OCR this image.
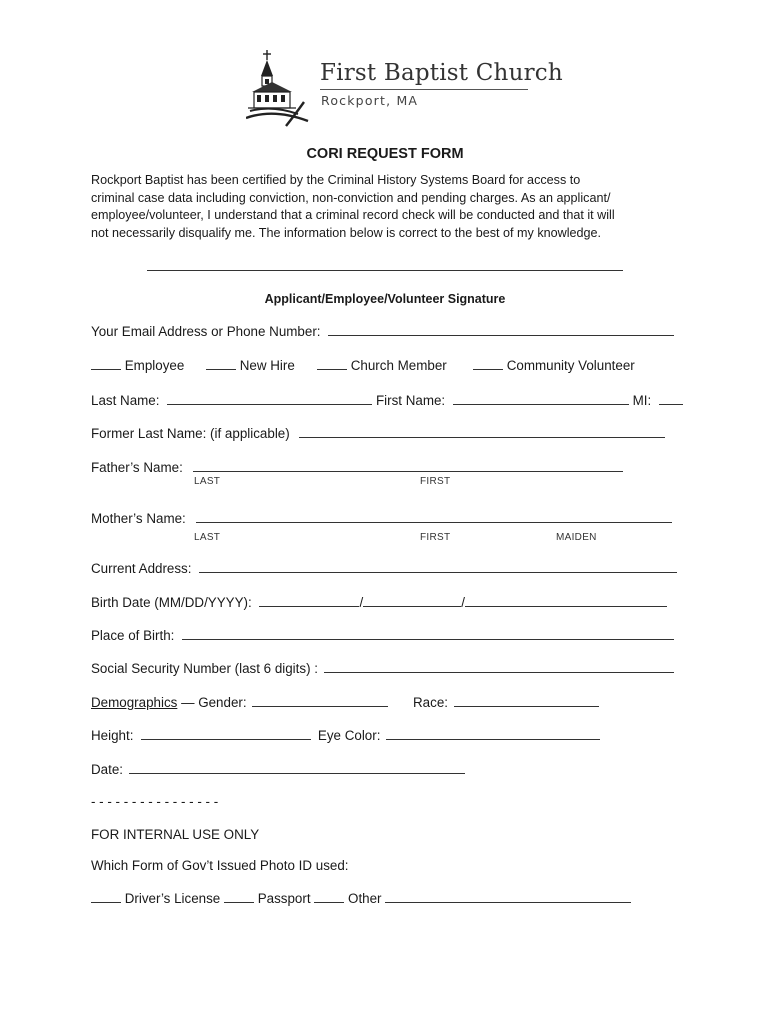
First Baptist Church
Rockport, MA
CORI REQUEST FORM
Rockport Baptist has been certified by the Criminal History Systems Board for access to
criminal case data including conviction, non-conviction and pending charges. As an applicant/
employee/volunteer, I understand that a criminal record check will be conducted and that it will
not necessarily disqualify me. The information below is correct to the best of my knowledge.
Applicant/Employee/Volunteer Signature
Your Email Address or Phone Number:
Employee	New Hire	Church Member	Community Volunteer
Last Name:	First Name:	MI:
Former Last Name: (if applicable)
Father’s Name:
LAST	FIRST
Mother’s Name:
LAST	FIRST	MAIDEN
Current Address:
Birth Date (MM/DD/YYYY):	/	/
Place of Birth:
Social Security Number (last 6 digits) :
Demographics — Gender:	Race:
Height:	Eye Color:
Date:
- - - - - - - - - - - - - - - -
FOR INTERNAL USE ONLY
Which Form of Gov’t Issued Photo ID used:
Driver’s License	Passport	Other
